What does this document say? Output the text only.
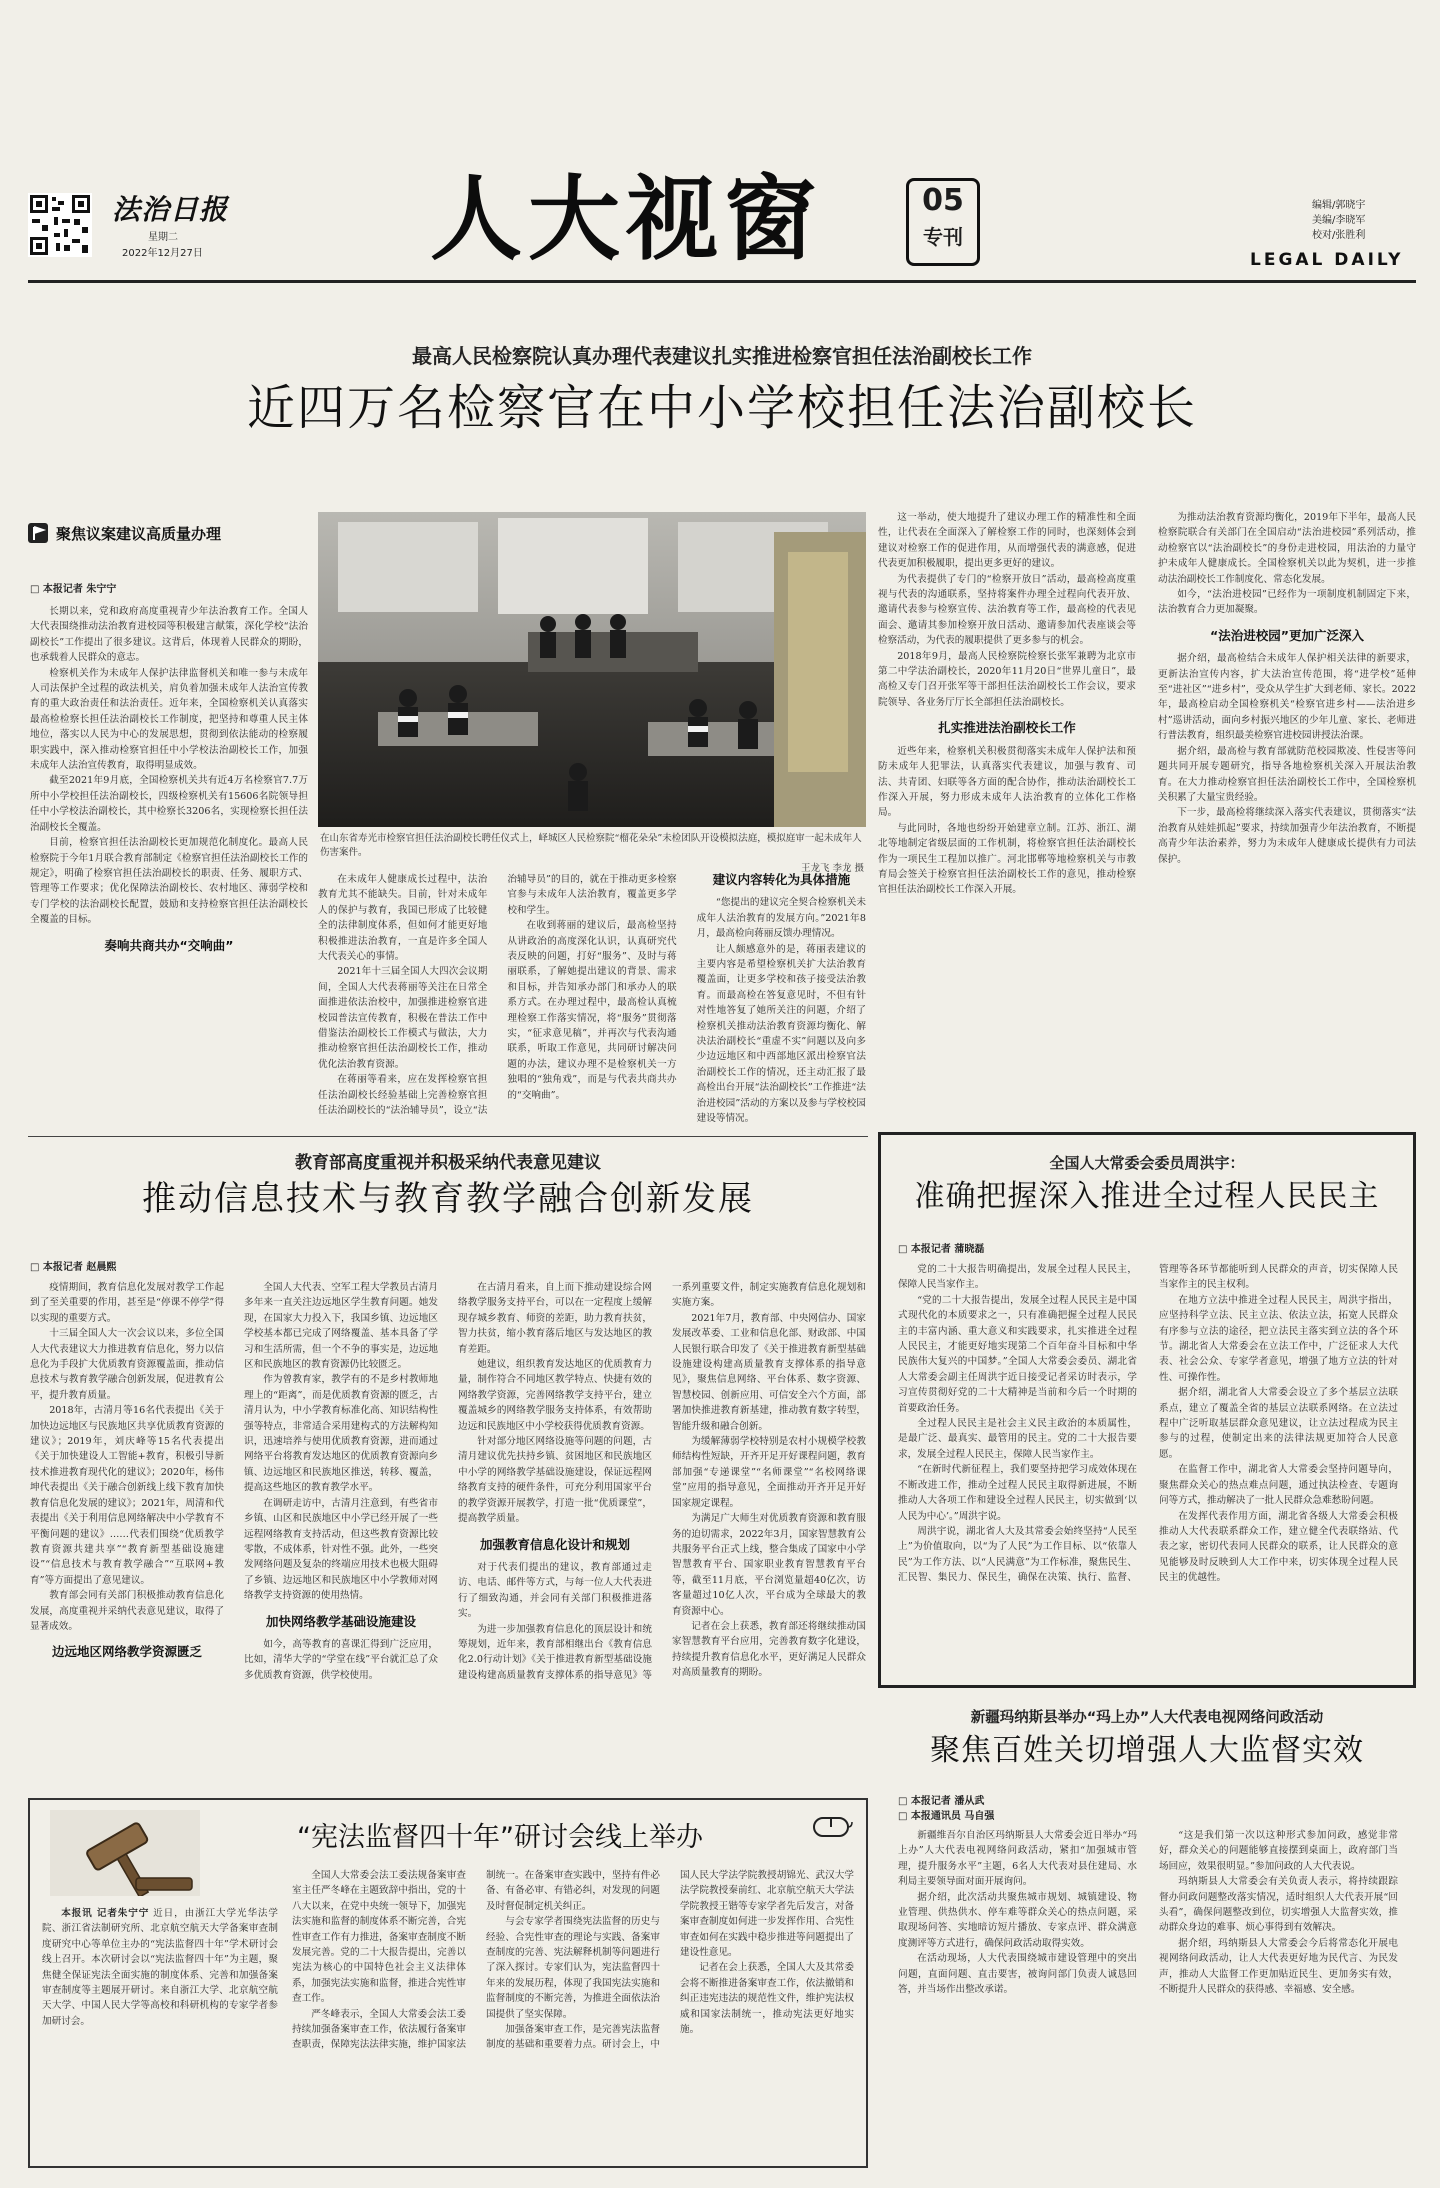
法治日报
星期二
2022年12月27日 人大视窗	05
专刊
编辑/郭晓宇
美编/李晓军
校对/张胜利
LEGAL DAILY
最高人民检察院认真办理代表建议扎实推进检察官担任法治副校长工作
近四万名检察官在中小学校担任法治副校长
聚焦议案建议高质量办理
□ 本报记者 朱宁宁

长期以来，党和政府高度重视青少年法治教育工作。全国人大代表围绕推动法治教育进校园等积极建言献策，深化学校“法治副校长”工作提出了很多建议。这背后，体现着人民群众的期盼，也承载着人民群众的意志。

检察机关作为未成年人保护法律监督机关和唯一参与未成年人司法保护全过程的政法机关，肩负着加强未成年人法治宣传教育的重大政治责任和法治责任。近年来，全国检察机关认真落实最高检检察长担任法治副校长工作制度，把坚持和尊重人民主体地位，落实以人民为中心的发展思想，贯彻到依法能动的检察履职实践中，深入推动检察官担任中小学校法治副校长工作，加强未成年人法治宣传教育，取得明显成效。

截至2021年9月底，全国检察机关共有近4万名检察官7.7万所中小学校担任法治副校长，四级检察机关有15606名院领导担任中小学校法治副校长，其中检察长3206名，实现检察长担任法治副校长全覆盖。

目前，检察官担任法治副校长更加规范化制度化。最高人民检察院于今年1月联合教育部制定《检察官担任法治副校长工作的规定》，明确了检察官担任法治副校长的职责、任务、履职方式、管理等工作要求；优化保障法治副校长、农村地区、薄弱学校和专门学校的法治副校长配置，鼓励和支持检察官担任法治副校长全覆盖的目标。

奏响共商共办“交响曲”
在山东省寿光市检察官担任法治副校长聘任仪式上，峄城区人民检察院“榴花朵朵”未检团队开设模拟法庭，模拟庭审一起未成年人伤害案件。
王龙飞 李龙 摄

在未成年人健康成长过程中，法治教育尤其不能缺失。目前，针对未成年人的保护与教育，我国已形成了比较健全的法律制度体系，但如何才能更好地积极推进法治教育，一直是许多全国人大代表关心的事情。

2021年十三届全国人大四次会议期间，全国人大代表蒋丽等关注在日常全面推进依法治校中，加强推进检察官进校园普法宣传教育，积极在普法工作中借鉴法治副校长工作模式与做法，大力推动检察官担任法治副校长工作，推动优化法治教育资源。

在蒋丽等看来，应在发挥检察官担任法治副校长经验基础上完善检察官担任法治副校长的“法治辅导员”，设立“法治辅导员”的目的，就在于推动更多检察官参与未成年人法治教育，覆盖更多学校和学生。

在收到蒋丽的建议后，最高检坚持从讲政治的高度深化认识，认真研究代表反映的问题，打好“服务”、及时与蒋丽联系，了解她提出建议的背景、需求和目标，并告知承办部门和承办人的联系方式。在办理过程中，最高检认真梳理检察工作落实情况，将“服务”贯彻落实，“征求意见稿”，并再次与代表沟通联系，听取工作意见，共同研讨解决问题的办法，建议办理不是检察机关一方独唱的“独角戏”，而是与代表共商共办的“交响曲”。

建议内容转化为具体措施

“您提出的建议完全契合检察机关未成年人法治教育的发展方向。”2021年8月，最高检向蒋丽反馈办理情况。

让人颇感意外的是，蒋丽表建议的主要内容是希望检察机关扩大法治教育覆盖面，让更多学校和孩子接受法治教育。而最高检在答复意见时，不但有针对性地答复了她所关注的问题，介绍了检察机关推动法治教育资源均衡化、解决法治副校长“重虚不实”问题以及向多少边远地区和中西部地区派出检察官法治副校长工作的情况，还主动汇报了最高检出台开展“法治副校长”工作推进“法治进校园”活动的方案以及参与学校校园建设等情况。

这一举动，使大地提升了建议办理工作的精准性和全面性，让代表在全面深入了解检察工作的同时，也深刻体会到建议对检察工作的促进作用，从而增强代表的满意感，促进代表更加积极履职，提出更多更好的建议。

为代表提供了专门的“检察开放日”活动，最高检高度重视与代表的沟通联系，坚持将案件办理全过程向代表开放、邀请代表参与检察宣传、法治教育等工作，最高检的代表见面会、邀请其参加检察开放日活动、邀请参加代表座谈会等检察活动，为代表的履职提供了更多参与的机会。

2018年9月，最高人民检察院检察长张军兼聘为北京市第二中学法治副校长，2020年11月20日“世界儿童日”，最高检又专门召开张军等干部担任法治副校长工作会议，要求院领导、各业务厅厅长全部担任法治副校长。

扎实推进法治副校长工作

近些年来，检察机关积极贯彻落实未成年人保护法和预防未成年人犯罪法，认真落实代表建议，加强与教育、司法、共青团、妇联等各方面的配合协作，推动法治副校长工作深入开展，努力形成未成年人法治教育的立体化工作格局。

与此同时，各地也纷纷开始建章立制。江苏、浙江、湖北等地制定省级层面的工作机制，将检察官担任法治副校长作为一项民生工程加以推广。河北邯郸等地检察机关与市教育局会签关于检察官担任法治副校长工作的意见，推动检察官担任法治副校长工作深入开展。

为推动法治教育资源均衡化，2019年下半年，最高人民检察院联合有关部门在全国启动“法治进校园”系列活动，推动检察官以“法治副校长”的身份走进校园，用法治的力量守护未成年人健康成长。全国检察机关以此为契机，进一步推动法治副校长工作制度化、常态化发展。

如今，“法治进校园”已经作为一项制度机制固定下来，法治教育合力更加凝聚。

“法治进校园”更加广泛深入

据介绍，最高检结合未成年人保护相关法律的新要求，更新法治宣传内容，扩大法治宣传范围，将“进学校”延伸至“进社区”“进乡村”，受众从学生扩大到老师、家长。2022年，最高检启动全国检察机关“检察官进乡村——法治进乡村”巡讲活动，面向乡村振兴地区的少年儿童、家长、老师进行普法教育，组织最美检察官进校园讲授法治课。

据介绍，最高检与教育部就防范校园欺凌、性侵害等问题共同开展专题研究，指导各地检察机关深入开展法治教育。在大力推动检察官担任法治副校长工作中，全国检察机关积累了大量宝贵经验。

下一步，最高检将继续深入落实代表建议，贯彻落实“法治教育从娃娃抓起”要求，持续加强青少年法治教育，不断提高青少年法治素养，努力为未成年人健康成长提供有力司法保护。

教育部高度重视并积极采纳代表意见建议
推动信息技术与教育教学融合创新发展
□ 本报记者 赵晨熙

疫情期间，教育信息化发展对教学工作起到了至关重要的作用，甚至是“停课不停学”得以实现的重要方式。

十三届全国人大一次会议以来，多位全国人大代表建议大力推进教育信息化，努力以信息化为手段扩大优质教育资源覆盖面，推动信息技术与教育教学融合创新发展，促进教育公平，提升教育质量。

2018年，古清月等16名代表提出《关于加快边远地区与民族地区共享优质教育资源的建议》；2019年，刘庆峰等15名代表提出《关于加快建设人工智能+教育，积极引导新技术推进教育现代化的建议》；2020年，杨伟坤代表提出《关于融合创新线上线下教育加快教育信息化发展的建议》；2021年，周清和代表提出《关于利用信息网络解决中小学教育不平衡问题的建议》……代表们围绕“优质教学教育资源共建共享”“教育新型基础设施建设”“信息技术与教育教学融合”“互联网+教育”等方面提出了意见建议。

教育部会同有关部门积极推动教育信息化发展，高度重视并采纳代表意见建议，取得了显著成效。

边远地区网络教学资源匮乏

全国人大代表、空军工程大学教员古清月多年来一直关注边远地区学生教育问题。她发现，在国家大力投入下，我国乡镇、边远地区学校基本都已完成了网络覆盖、基本具备了学习和生活所需，但一个不争的事实是，边远地区和民族地区的教育资源仍比较匮乏。

作为曾教育家，教学有的不是乡村教师地理上的“距离”，而是优质教育资源的匮乏，古清月认为，中小学教育标准化高、知识结构性强等特点，非常适合采用建构式的方法解构知识，迅速培养与使用优质教育资源，进而通过网络平台将教育发达地区的优质教育资源向乡镇、边远地区和民族地区推送，转移、覆盖，提高这些地区的教育教学水平。

在调研走访中，古清月注意到，有些省市乡镇、山区和民族地区中小学已经开展了一些远程网络教育支持活动，但这些教育资源比较零散，不成体系，针对性不强。此外，一些突发网络问题及复杂的终端应用技术也极大阻碍了乡镇、边远地区和民族地区中小学教师对网络教学支持资源的使用热情。

加快网络教学基础设施建设

如今，高等教育的喜课汇得到广泛应用，比如，清华大学的“学堂在线”平台就汇总了众多优质教育资源，供学校使用。

在古清月看来，自上而下推动建设综合网络教学服务支持平台，可以在一定程度上缓解现存城乡教育、师资的差距，助力教育扶贫，智力扶贫，缩小教育落后地区与发达地区的教育差距。

她建议，组织教育发达地区的优质教育力量，制作符合不同地区教学特点、快捷有效的网络教学资源，完善网络教学支持平台，建立覆盖城乡的网络教学服务支持体系，有效帮助边远和民族地区中小学校获得优质教育资源。

针对部分地区网络设施等问题的问题，古清月建议优先扶持乡镇、贫困地区和民族地区中小学的网络教学基础设施建设，保证远程网络教育支持的硬件条件，可充分利用国家平台的教学资源开展教学，打造一批“优质课堂”，提高教学质量。

加强教育信息化设计和规划

对于代表们提出的建议，教育部通过走访、电话、邮件等方式，与每一位人大代表进行了细致沟通，并会同有关部门积极推进落实。

为进一步加强教育信息化的顶层设计和统筹规划，近年来，教育部相继出台《教育信息化2.0行动计划》《关于推进教育新型基础设施建设构建高质量教育支撑体系的指导意见》等一系列重要文件，制定实施教育信息化规划和实施方案。

2021年7月，教育部、中央网信办、国家发展改革委、工业和信息化部、财政部、中国人民银行联合印发了《关于推进教育新型基础设施建设构建高质量教育支撑体系的指导意见》，聚焦信息网络、平台体系、数字资源、智慧校园、创新应用、可信安全六个方面，部署加快推进教育新基建，推动教育数字转型，智能升级和融合创新。

为缓解薄弱学校特别是农村小规模学校教师结构性短缺，开齐开足开好课程问题，教育部加强“专递课堂”“名师课堂”“名校网络课堂”应用的指导意见，全面推动开齐开足开好国家规定课程。

为满足广大师生对优质教育资源和教育服务的迫切需求，2022年3月，国家智慧教育公共服务平台正式上线，整合集成了国家中小学智慧教育平台、国家职业教育智慧教育平台等，截至11月底，平台浏览量超40亿次，访客量超过10亿人次，平台成为全球最大的教育资源中心。

记者在会上获悉，教育部还将继续推动国家智慧教育平台应用，完善教育数字化建设，持续提升教育信息化水平，更好满足人民群众对高质量教育的期盼。

全国人大常委会委员周洪宇：
准确把握深入推进全过程人民民主
□ 本报记者 蒲晓磊

党的二十大报告明确提出，发展全过程人民民主，保障人民当家作主。

“党的二十大报告提出，发展全过程人民民主是中国式现代化的本质要求之一，只有准确把握全过程人民民主的丰富内涵、重大意义和实践要求，扎实推进全过程人民民主，才能更好地实现第二个百年奋斗目标和中华民族伟大复兴的中国梦。”全国人大常委会委员、湖北省人大常委会副主任周洪宇近日接受记者采访时表示，学习宣传贯彻好党的二十大精神是当前和今后一个时期的首要政治任务。

全过程人民民主是社会主义民主政治的本质属性，是最广泛、最真实、最管用的民主。党的二十大报告要求，发展全过程人民民主，保障人民当家作主。

“在新时代新征程上，我们要坚持把学习成效体现在不断改进工作，推动全过程人民民主取得新进展，不断推动人大各项工作和建设全过程人民民主，切实做到‘以人民为中心’。”周洪宇说。

周洪宇说，湖北省人大及其常委会始终坚持“人民至上”为价值取向，以“为了人民”为工作目标、以“依靠人民”为工作方法、以“人民满意”为工作标准，聚焦民生、汇民智、集民力、保民生，确保在决策、执行、监督、管理等各环节都能听到人民群众的声音，切实保障人民当家作主的民主权利。

在地方立法中推进全过程人民民主，周洪宇指出，应坚持科学立法、民主立法、依法立法，拓宽人民群众有序参与立法的途径，把立法民主落实到立法的各个环节。湖北省人大常委会在立法工作中，广泛征求人大代表、社会公众、专家学者意见，增强了地方立法的针对性、可操作性。

据介绍，湖北省人大常委会设立了多个基层立法联系点，建立了覆盖全省的基层立法联系网络。在立法过程中广泛听取基层群众意见建议，让立法过程成为民主参与的过程，使制定出来的法律法规更加符合人民意愿。

在监督工作中，湖北省人大常委会坚持问题导向，聚焦群众关心的热点难点问题，通过执法检查、专题询问等方式，推动解决了一批人民群众急难愁盼问题。

在发挥代表作用方面，湖北省各级人大常委会积极推动人大代表联系群众工作，建立健全代表联络站、代表之家，密切代表同人民群众的联系，让人民群众的意见能够及时反映到人大工作中来，切实体现全过程人民民主的优越性。

新疆玛纳斯县举办“玛上办”人大代表电视网络问政活动
聚焦百姓关切增强人大监督实效
□ 本报记者 潘从武
□ 本报通讯员 马自强

新疆维吾尔自治区玛纳斯县人大常委会近日举办“玛上办”人大代表电视网络问政活动，紧扣“加强城市管理，提升服务水平”主题，6名人大代表对县住建局、水利局主要领导面对面开展询问。

据介绍，此次活动共聚焦城市规划、城镇建设、物业管理、供热供水、停车难等群众关心的热点问题，采取现场问答、实地暗访短片播放、专家点评、群众满意度测评等方式进行，确保问政活动取得实效。

在活动现场，人大代表围绕城市建设管理中的突出问题，直面问题、直击要害，被询问部门负责人诚恳回答，并当场作出整改承诺。

“这是我们第一次以这种形式参加问政，感觉非常好，群众关心的问题能够直接摆到桌面上，政府部门当场回应，效果很明显。”参加问政的人大代表说。

玛纳斯县人大常委会有关负责人表示，将持续跟踪督办问政问题整改落实情况，适时组织人大代表开展“回头看”，确保问题整改到位，切实增强人大监督实效，推动群众身边的难事、烦心事得到有效解决。

据介绍，玛纳斯县人大常委会今后将常态化开展电视网络问政活动，让人大代表更好地为民代言、为民发声，推动人大监督工作更加贴近民生、更加务实有效，不断提升人民群众的获得感、幸福感、安全感。

“宪法监督四十年”研讨会线上举办

本报讯 记者朱宁宁 近日，由浙江大学光华法学院、浙江省法制研究所、北京航空航天大学备案审查制度研究中心等单位主办的“宪法监督四十年”学术研讨会线上召开。本次研讨会以“宪法监督四十年”为主题，聚焦健全保证宪法全面实施的制度体系、完善和加强备案审查制度等主题展开研讨。来自浙江大学、北京航空航天大学、中国人民大学等高校和科研机构的专家学者参加研讨会。

全国人大常委会法工委法规备案审查室主任严冬峰在主题致辞中指出，党的十八大以来，在党中央统一领导下，加强宪法实施和监督的制度体系不断完善，合宪性审查工作有力推进，备案审查制度不断发展完善。党的二十大报告提出，完善以宪法为核心的中国特色社会主义法律体系，加强宪法实施和监督，推进合宪性审查工作。

严冬峰表示，全国人大常委会法工委持续加强备案审查工作，依法履行备案审查职责，保障宪法法律实施，维护国家法制统一。在备案审查实践中，坚持有件必备、有备必审、有错必纠，对发现的问题及时督促制定机关纠正。

与会专家学者围绕宪法监督的历史与经验、合宪性审查的理论与实践、备案审查制度的完善、宪法解释机制等问题进行了深入探讨。专家们认为，宪法监督四十年来的发展历程，体现了我国宪法实施和监督制度的不断完善，为推进全面依法治国提供了坚实保障。

加强备案审查工作，是完善宪法监督制度的基础和重要着力点。研讨会上，中国人民大学法学院教授胡锦光、武汉大学法学院教授秦前红、北京航空航天大学法学院教授王锴等专家学者先后发言，对备案审查制度如何进一步发挥作用、合宪性审查如何在实践中稳步推进等问题提出了建设性意见。

记者在会上获悉，全国人大及其常委会将不断推进备案审查工作，依法撤销和纠正违宪违法的规范性文件，维护宪法权威和国家法制统一，推动宪法更好地实施。
